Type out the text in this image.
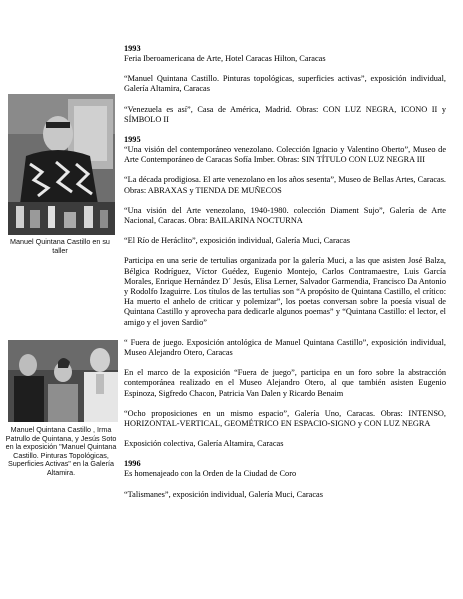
Manuel Quintana Castillo en su taller
Manuel Quintana Castillo , Irma Patrullo de Quintana, y Jesús Soto en la exposición "Manuel Quintana Castillo. Pinturas Topológicas, Superficies Activas" en la Galería Altamira.
1993
Feria Iberoamericana de Arte, Hotel Caracas Hilton, Caracas
“Manuel Quintana Castillo. Pinturas topológicas, superficies activas”, exposición individual, Galería Altamira, Caracas
“Venezuela es así”, Casa de América, Madrid. Obras: CON LUZ NEGRA, ICONO II y SÍMBOLO II
1995
“Una visión del contemporáneo venezolano. Colección Ignacio y Valentino Oberto”, Museo de Arte Contemporáneo de Caracas Sofía Imber. Obras: SIN TÍTULO CON LUZ NEGRA III
“La década prodigiosa. El arte venezolano en los años sesenta”, Museo de Bellas Artes, Caracas. Obras: ABRAXAS y TIENDA DE MUÑECOS
“Una visión del Arte venezolano, 1940-1980. colección Diament Sujo”, Galería de Arte Nacional, Caracas. Obra: BAILARINA NOCTURNA
“El Río de Heráclito”, exposición individual, Galería Muci, Caracas
Participa en una serie de tertulias organizada por la galería Muci, a las que asisten José Balza, Bélgica Rodríguez, Víctor Guédez, Eugenio Montejo, Carlos Contramaestre, Luis García Morales, Enrique Hernández D´ Jesús, Elisa Lerner, Salvador Garmendia, Francisco Da Antonio y Rodolfo Izaguirre. Los títulos de las tertulias son “A propósito de Quintana Castillo, el crítico: Ha muerto el anhelo de criticar y polemizar”, los poetas conversan sobre la poesía visual de Quintana Castillo y aprovecha para dedicarle algunos poemas” y “Quintana Castillo: el lector, el amigo y el joven Sardio”
“ Fuera de juego. Exposición antológica de Manuel Quintana Castillo”, exposición individual, Museo Alejandro Otero, Caracas
En el marco de la exposición “Fuera de juego”, participa en un foro sobre la abstracción contemporánea realizado en el Museo Alejandro Otero, al que también asisten Eugenio Espinoza, Sigfredo Chacon, Patricia Van Dalen y Ricardo Benaim
“Ocho proposiciones en un mismo espacio”, Galería Uno, Caracas. Obras: INTENSO, HORIZONTAL-VERTICAL, GEOMÉTRICO EN ESPACIO-SIGNO y CON LUZ NEGRA
Exposición colectiva, Galería Altamira, Caracas
1996
Es homenajeado con la Orden de la Ciudad de Coro
“Talismanes”, exposición individual, Galería Muci, Caracas
